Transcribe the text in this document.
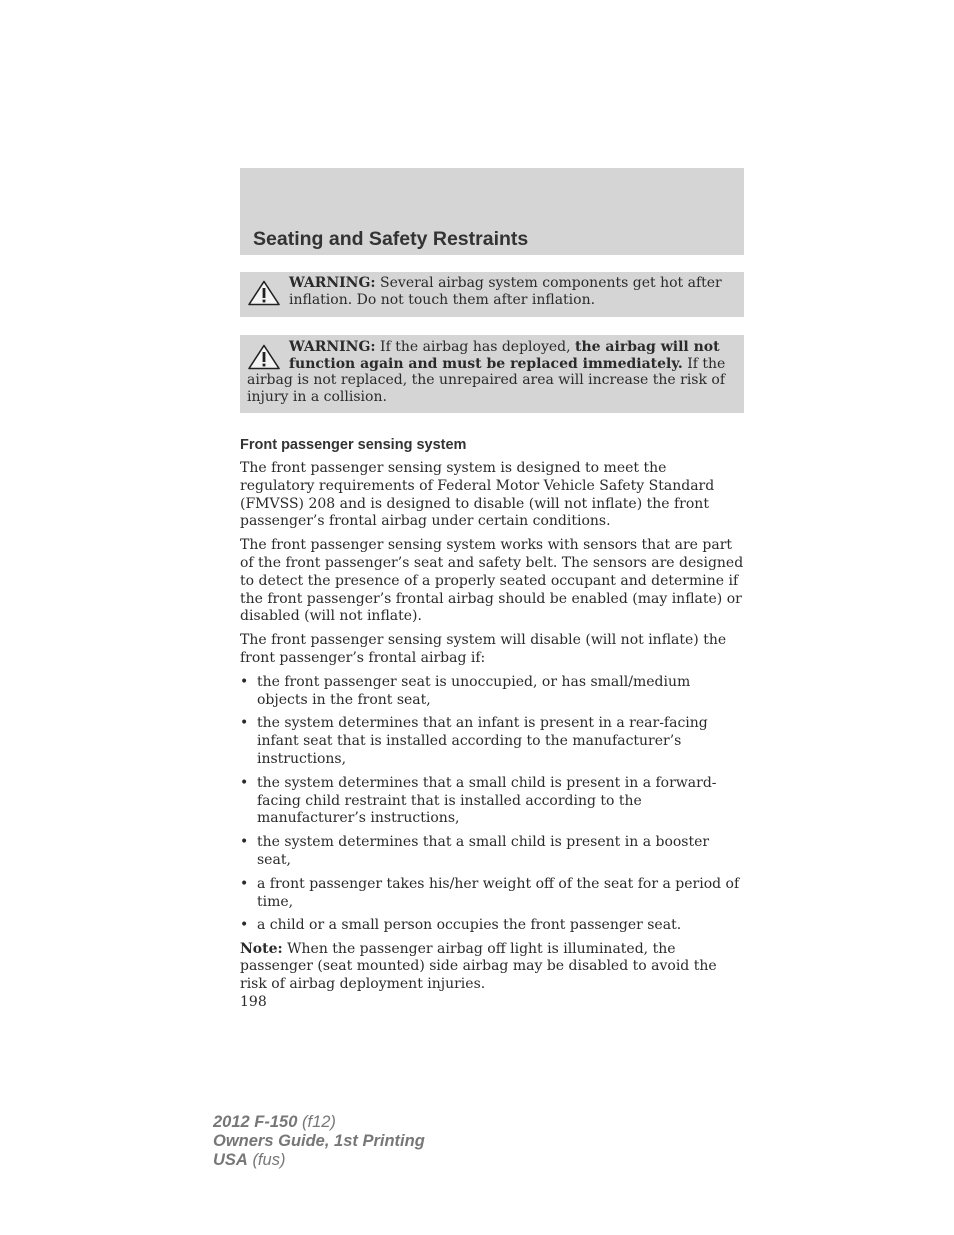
Seating and Safety Restraints

WARNING: Several airbag system components get hot after inflation. Do not touch them after inflation.

WARNING: If the airbag has deployed, the airbag will not function again and must be replaced immediately. If the airbag is not replaced, the unrepaired area will increase the risk of injury in a collision.

Front passenger sensing system

The front passenger sensing system is designed to meet the regulatory requirements of Federal Motor Vehicle Safety Standard (FMVSS) 208 and is designed to disable (will not inflate) the front passenger’s frontal airbag under certain conditions.

The front passenger sensing system works with sensors that are part of the front passenger’s seat and safety belt. The sensors are designed to detect the presence of a properly seated occupant and determine if the front passenger’s frontal airbag should be enabled (may inflate) or disabled (will not inflate).

The front passenger sensing system will disable (will not inflate) the front passenger’s frontal airbag if:

• the front passenger seat is unoccupied, or has small/medium objects in the front seat,
• the system determines that an infant is present in a rear-facing infant seat that is installed according to the manufacturer’s instructions,
• the system determines that a small child is present in a forward-facing child restraint that is installed according to the manufacturer’s instructions,
• the system determines that a small child is present in a booster seat,
• a front passenger takes his/her weight off of the seat for a period of time,
• a child or a small person occupies the front passenger seat.

Note: When the passenger airbag off light is illuminated, the passenger (seat mounted) side airbag may be disabled to avoid the risk of airbag deployment injuries.

198

2012 F-150 (f12)
Owners Guide, 1st Printing
USA (fus)
